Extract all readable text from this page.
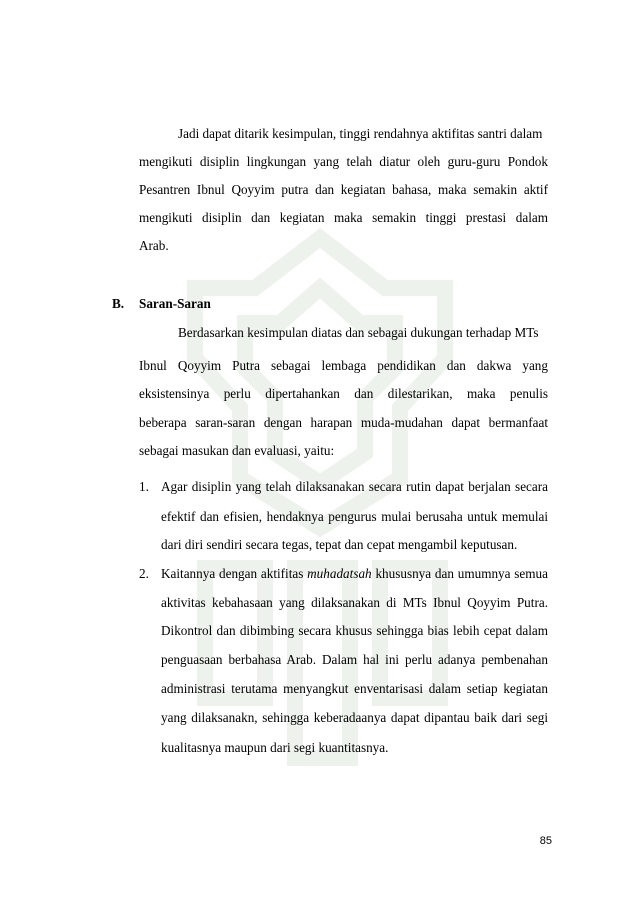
Jadi dapat ditarik kesimpulan, tinggi rendahnya aktifitas santri dalam
mengikuti disiplin lingkungan yang telah diatur oleh guru-guru Pondok
Pesantren Ibnul Qoyyim putra dan kegiatan bahasa, maka semakin aktif
mengikuti disiplin dan kegiatan maka semakin tinggi prestasi dalam
Arab.
B. Saran-Saran
Berdasarkan kesimpulan diatas dan sebagai dukungan terhadap MTs
Ibnul Qoyyim Putra sebagai lembaga pendidikan dan dakwa yang
eksistensinya perlu dipertahankan dan dilestarikan, maka penulis
beberapa saran-saran dengan harapan muda-mudahan dapat bermanfaat
sebagai masukan dan evaluasi, yaitu:
1. Agar disiplin yang telah dilaksanakan secara rutin dapat berjalan secara
efektif dan efisien, hendaknya pengurus mulai berusaha untuk memulai
dari diri sendiri secara tegas, tepat dan cepat mengambil keputusan.
2. Kaitannya dengan aktifitas muhadatsah khususnya dan umumnya semua
aktivitas kebahasaan yang dilaksanakan di MTs Ibnul Qoyyim Putra.
Dikontrol dan dibimbing secara khusus sehingga bias lebih cepat dalam
penguasaan berbahasa Arab. Dalam hal ini perlu adanya pembenahan
administrasi terutama menyangkut enventarisasi dalam setiap kegiatan
yang dilaksanakn, sehingga keberadaanya dapat dipantau baik dari segi
kualitasnya maupun dari segi kuantitasnya.
85
